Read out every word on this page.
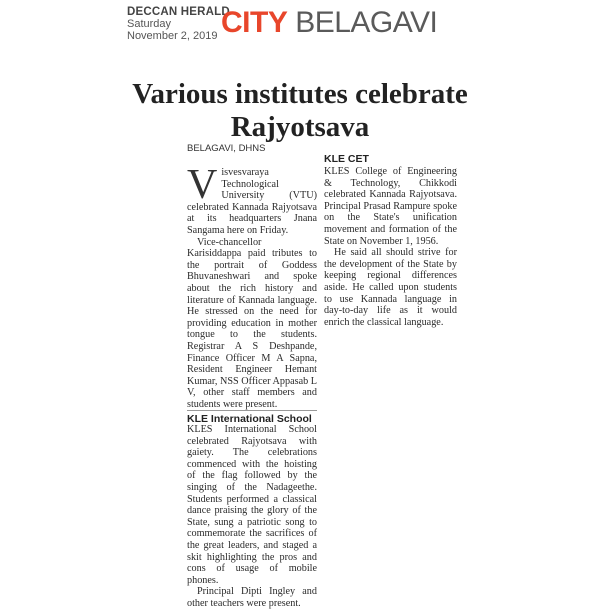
DECCAN HERALD
Saturday
November 2, 2019 CITY BELAGAVI
Various institutes celebrate Rajyotsava
BELAGAVI, DHNS

Visvesvaraya Technological University (VTU) celebrated Kannada Rajyotsava at its headquarters Jnana Sangama here on Friday.

Vice-chancellor Karisiddappa paid tributes to the portrait of Goddess Bhuvaneshwari and spoke about the rich history and literature of Kannada language. He stressed on the need for providing education in mother tongue to the students. Registrar A S Deshpande, Finance Officer M A Sapna, Resident Engineer Hemant Kumar, NSS Officer Appasab L V, other staff members and students were present.

KLE International School

KLES International School celebrated Rajyotsava with gaiety. The celebrations commenced with the hoisting of the flag followed by the singing of the Nadageethe. Students performed a classical dance praising the glory of the State, sung a patriotic song to commemorate the sacrifices of the great leaders, and staged a skit highlighting the pros and cons of usage of mobile phones.

Principal Dipti Ingley and other teachers were present.

KLE CET

KLES College of Engineering & Technology, Chikkodi celebrated Kannada Rajyotsava. Principal Prasad Rampure spoke on the State's unification movement and formation of the State on November 1, 1956.

He said all should strive for the development of the State by keeping regional differences aside. He called upon students to use Kannada language in day-to-day life as it would enrich the classical language.
